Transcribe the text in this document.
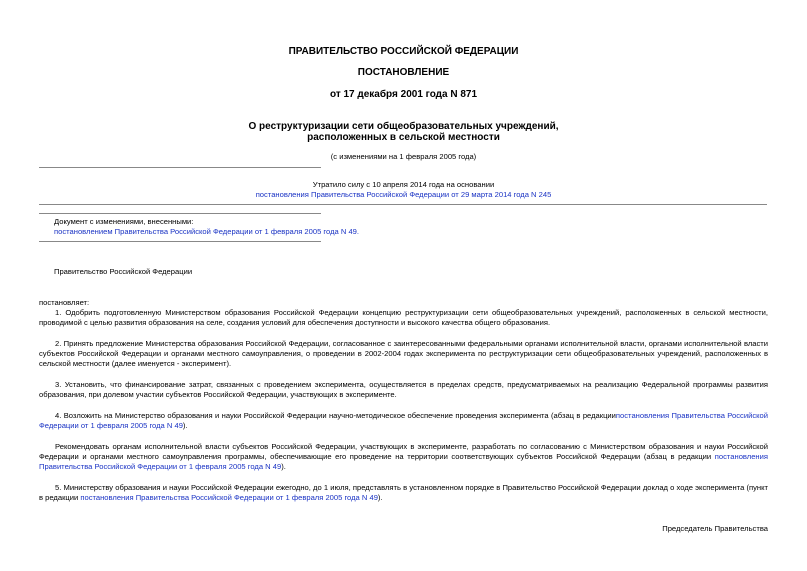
ПРАВИТЕЛЬСТВО РОССИЙСКОЙ ФЕДЕРАЦИИ
ПОСТАНОВЛЕНИЕ
от 17 декабря 2001 года N 871
О реструктуризации сети общеобразовательных учреждений,
расположенных в сельской местности
(с изменениями на 1 февраля 2005 года)
Утратило силу с 10 апреля 2014 года на основании
постановления Правительства Российской Федерации от 29 марта 2014 года N 245
Документ с изменениями, внесенными:
постановлением Правительства Российской Федерации от 1 февраля 2005 года N 49.
Правительство Российской Федерации
постановляет:
1. Одобрить подготовленную Министерством образования Российской Федерации концепцию реструктуризации сети общеобразовательных учреждений, расположенных в сельской местности, проводимой с целью развития образования на селе, создания условий для обеспечения доступности и высокого качества общего образования.
2. Принять предложение Министерства образования Российской Федерации, согласованное с заинтересованными федеральными органами исполнительной власти, органами исполнительной власти субъектов Российской Федерации и органами местного самоуправления, о проведении в 2002-2004 годах эксперимента по реструктуризации сети общеобразовательных учреждений, расположенных в сельской местности (далее именуется - эксперимент).
3. Установить, что финансирование затрат, связанных с проведением эксперимента, осуществляется в пределах средств, предусматриваемых на реализацию Федеральной программы развития образования, при долевом участии субъектов Российской Федерации, участвующих в эксперименте.
4. Возложить на Министерство образования и науки Российской Федерации научно-методическое обеспечение проведения эксперимента (абзац в редакциипостановления Правительства Российской Федерации от 1 февраля 2005 года N 49).
Рекомендовать органам исполнительной власти субъектов Российской Федерации, участвующих в эксперименте, разработать по согласованию с Министерством образования и науки Российской Федерации и органами местного самоуправления программы, обеспечивающие его проведение на территории соответствующих субъектов Российской Федерации (абзац в редакции постановления Правительства Российской Федерации от 1 февраля 2005 года N 49).
5. Министерству образования и науки Российской Федерации ежегодно, до 1 июля, представлять в установленном порядке в Правительство Российской Федерации доклад о ходе эксперимента (пункт в редакции постановления Правительства Российской Федерации от 1 февраля 2005 года N 49).
Председатель Правительства
